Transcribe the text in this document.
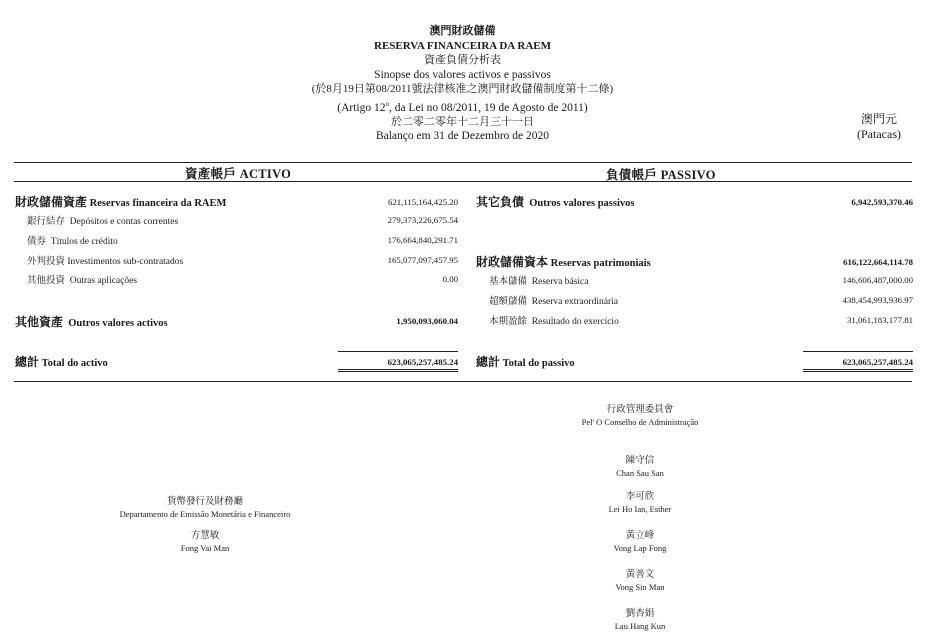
澳門財政儲備
RESERVA FINANCEIRA DA RAEM
資產負債分析表
Sinopse dos valores activos e passivos
(於8月19日第08/2011號法律核准之澳門財政儲備制度第十二條)
(Artigo 12$^o$, da Lei no 08/2011, 19 de Agosto de 2011)
於二零二零年十二月三十一日
Balanço em 31 de Dezembro de 2020
澳門元
(Patacas)
資產帳戶 ACTIVO	負債帳戶 PASSIVO
財政儲備資產 Reservas financeira da RAEM	621,115,164,425.20
銀行結存 Depósitos e contas correntes	279,373,226,675.54
債券 Títulos de crédito	176,664,840,291.71
外判投資 Investimentos sub-contratados	165,077,097,457.95
其他投資 Outras aplicações	0.00
其他資產 Outros valores activos	1,950,093,060.04
總計 Total do activo	623,065,257,485.24
其它負債 Outros valores passivos	6,942,593,370.46
財政儲備資本 Reservas patrimoniais	616,122,664,114.78
基本儲備 Reserva básica	146,606,487,000.00
超額儲備 Reserva extraordinária	438,454,993,936.97
本期盈餘 Resultado do exercício	31,061,183,177.81
總計 Total do passivo	623,065,257,485.24
行政管理委員會
Pel' O Conselho de Administração
陳守信
Chan Sau San
李可欣
Lei Ho Ian, Esther
黃立峰
Vong Lap Fong
黃善文
Vong Sin Man
劉杏娟
Lau Hang Kun
貨幣發行及財務廳
Departamento de Emissão Monetária e Financeiro
方慧敏
Fong Vai Man
